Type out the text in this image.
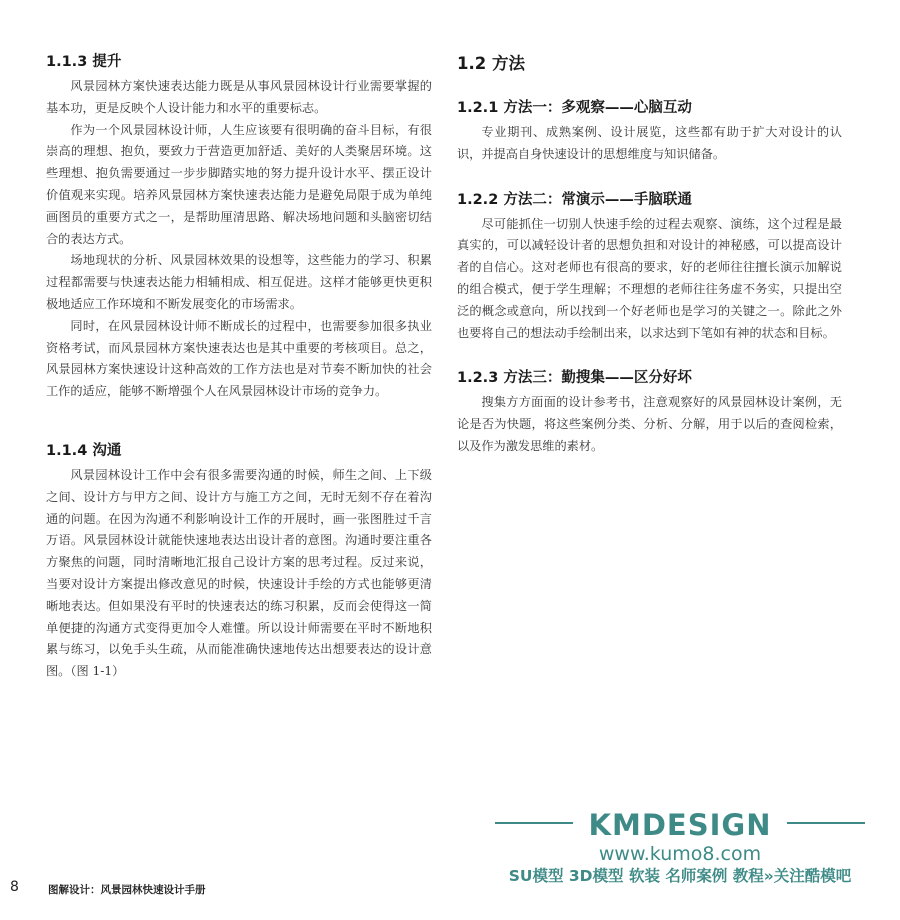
1.1.3 提升

风景园林方案快速表达能力既是从事风景园林设计行业需要掌握的基本功，更是反映个人设计能力和水平的重要标志。

作为一个风景园林设计师，人生应该要有很明确的奋斗目标，有很崇高的理想、抱负，要致力于营造更加舒适、美好的人类聚居环境。这些理想、抱负需要通过一步步脚踏实地的努力提升设计水平、摆正设计价值观来实现。培养风景园林方案快速表达能力是避免局限于成为单纯画图员的重要方式之一，是帮助厘清思路、解决场地问题和头脑密切结合的表达方式。

场地现状的分析、风景园林效果的设想等，这些能力的学习、积累过程都需要与快速表达能力相辅相成、相互促进。这样才能够更快更积极地适应工作环境和不断发展变化的市场需求。

同时，在风景园林设计师不断成长的过程中，也需要参加很多执业资格考试，而风景园林方案快速表达也是其中重要的考核项目。总之，风景园林方案快速设计这种高效的工作方法也是对节奏不断加快的社会工作的适应，能够不断增强个人在风景园林设计市场的竞争力。

1.1.4 沟通

风景园林设计工作中会有很多需要沟通的时候，师生之间、上下级之间、设计方与甲方之间、设计方与施工方之间，无时无刻不存在着沟通的问题。在因为沟通不利影响设计工作的开展时，画一张图胜过千言万语。风景园林设计就能快速地表达出设计者的意图。沟通时要注重各方聚焦的问题，同时清晰地汇报自己设计方案的思考过程。反过来说，当要对设计方案提出修改意见的时候，快速设计手绘的方式也能够更清晰地表达。但如果没有平时的快速表达的练习积累，反而会使得这一简单便捷的沟通方式变得更加令人难懂。所以设计师需要在平时不断地积累与练习，以免手头生疏，从而能准确快速地传达出想要表达的设计意图。（图 1-1）

1.2 方法
1.2.1 方法一：多观察——心脑互动

专业期刊、成熟案例、设计展览，这些都有助于扩大对设计的认识，并提高自身快速设计的思想维度与知识储备。

1.2.2 方法二：常演示——手脑联通

尽可能抓住一切别人快速手绘的过程去观察、演练，这个过程是最真实的，可以减轻设计者的思想负担和对设计的神秘感，可以提高设计者的自信心。这对老师也有很高的要求，好的老师往往擅长演示加解说的组合模式，便于学生理解；不理想的老师往往务虚不务实，只提出空泛的概念或意向，所以找到一个好老师也是学习的关键之一。除此之外也要将自己的想法动手绘制出来，以求达到下笔如有神的状态和目标。

1.2.3 方法三：勤搜集——区分好坏

搜集方方面面的设计参考书，注意观察好的风景园林设计案例，无论是否为快题，将这些案例分类、分析、分解，用于以后的查阅检索，以及作为激发思维的素材。

KMDESIGN
www.kumo8.com
SU模型 3D模型 软装 名师案例 教程»关注酷模吧
8	图解设计：风景园林快速设计手册
